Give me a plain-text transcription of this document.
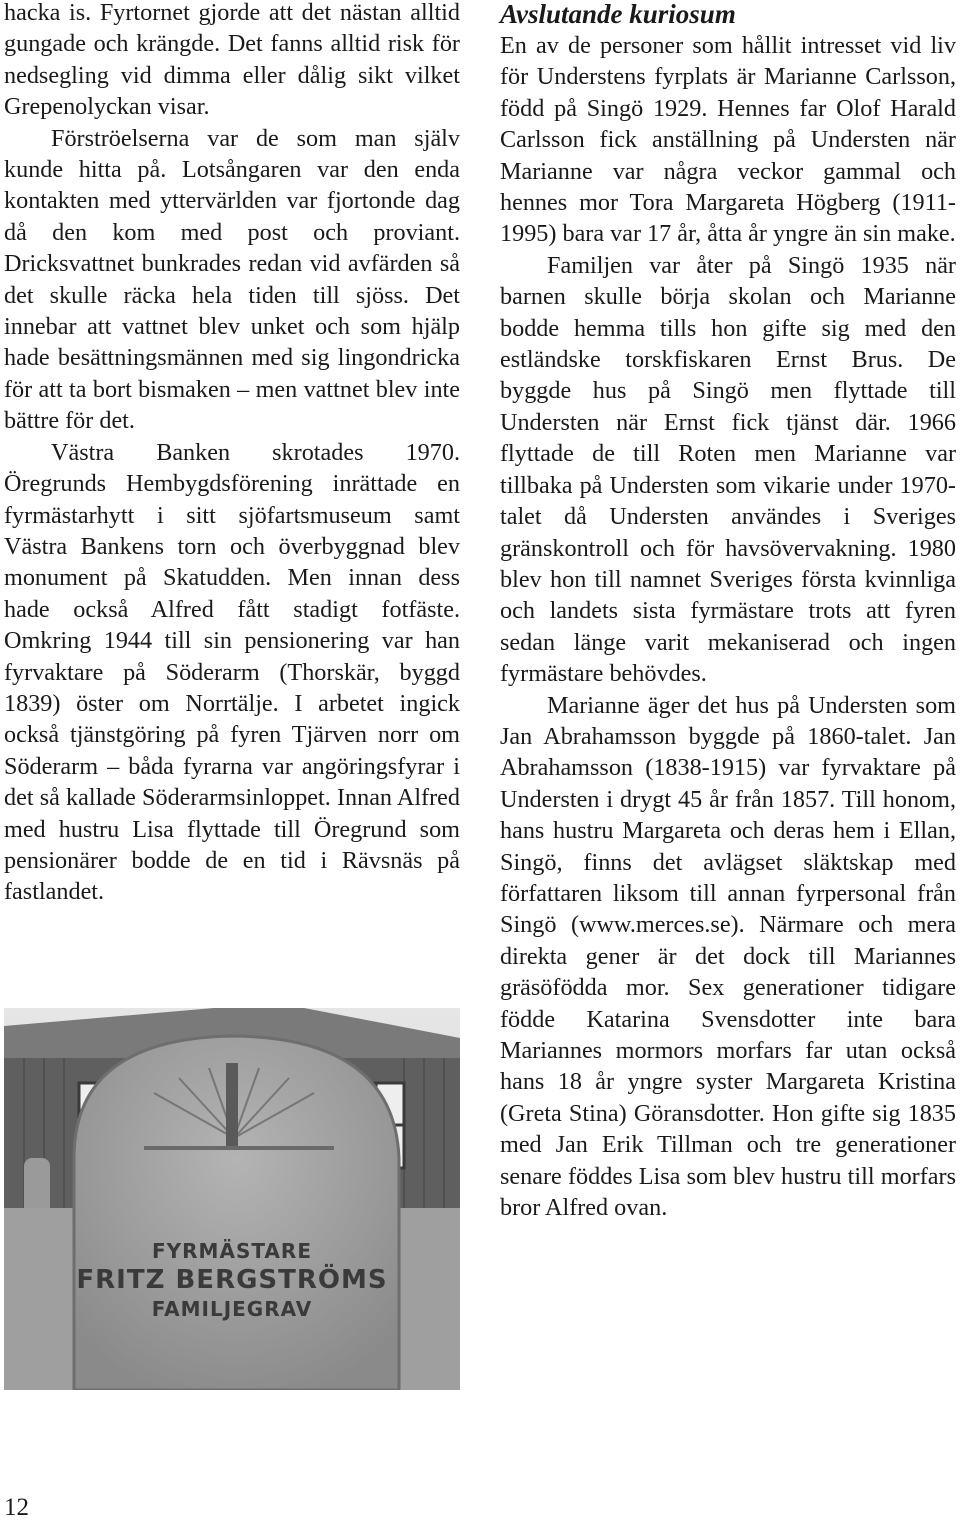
hacka is. Fyrtornet gjorde att det nästan alltid gungade och krängde. Det fanns alltid risk för nedsegling vid dimma eller dålig sikt vilket Grepenolyckan visar.

Förströelserna var de som man själv kunde hitta på. Lotsångaren var den enda kontakten med yttervärlden var fjortonde dag då den kom med post och proviant. Dricksvattnet bunkrades redan vid avfärden så det skulle räcka hela tiden till sjöss. Det innebar att vattnet blev unket och som hjälp hade besättningsmännen med sig lingondricka för att ta bort bismaken – men vattnet blev inte bättre för det.

Västra Banken skrotades 1970. Öregrunds Hembygdsförening inrättade en fyrmästarhytt i sitt sjöfartsmuseum samt Västra Bankens torn och överbyggnad blev monument på Skatudden. Men innan dess hade också Alfred fått stadigt fotfäste. Omkring 1944 till sin pensionering var han fyrvaktare på Söderarm (Thorskär, byggd 1839) öster om Norrtälje. I arbetet ingick också tjänstgöring på fyren Tjärven norr om Söderarm – båda fyrarna var angöringsfyrar i det så kallade Söderarmsinloppet. Innan Alfred med hustru Lisa flyttade till Öregrund som pensionärer bodde de en tid i Rävsnäs på fastlandet.

FYRMÄSTARE
FRITZ BERGSTRÖMS
FAMILJEGRAV

Avslutande kuriosum

En av de personer som hållit intresset vid liv för Understens fyrplats är Marianne Carlsson, född på Singö 1929. Hennes far Olof Harald Carlsson fick anställning på Understen när Marianne var några veckor gammal och hennes mor Tora Margareta Högberg (1911-1995) bara var 17 år, åtta år yngre än sin make.

Familjen var åter på Singö 1935 när barnen skulle börja skolan och Marianne bodde hemma tills hon gifte sig med den estländske torskfiskaren Ernst Brus. De byggde hus på Singö men flyttade till Understen när Ernst fick tjänst där. 1966 flyttade de till Roten men Marianne var tillbaka på Understen som vikarie under 1970-talet då Understen användes i Sveriges gränskontroll och för havsövervakning. 1980 blev hon till namnet Sveriges första kvinnliga och landets sista fyrmästare trots att fyren sedan länge varit mekaniserad och ingen fyrmästare behövdes.

Marianne äger det hus på Understen som Jan Abrahamsson byggde på 1860-talet. Jan Abrahamsson (1838-1915) var fyrvaktare på Understen i drygt 45 år från 1857. Till honom, hans hustru Margareta och deras hem i Ellan, Singö, finns det avlägset släktskap med författaren liksom till annan fyrpersonal från Singö (www.merces.se). Närmare och mera direkta gener är det dock till Mariannes gräsöfödda mor. Sex generationer tidigare födde Katarina Svensdotter inte bara Mariannes mormors morfars far utan också hans 18 år yngre syster Margareta Kristina (Greta Stina) Göransdotter. Hon gifte sig 1835 med Jan Erik Tillman och tre generationer senare föddes Lisa som blev hustru till morfars bror Alfred ovan.

12
